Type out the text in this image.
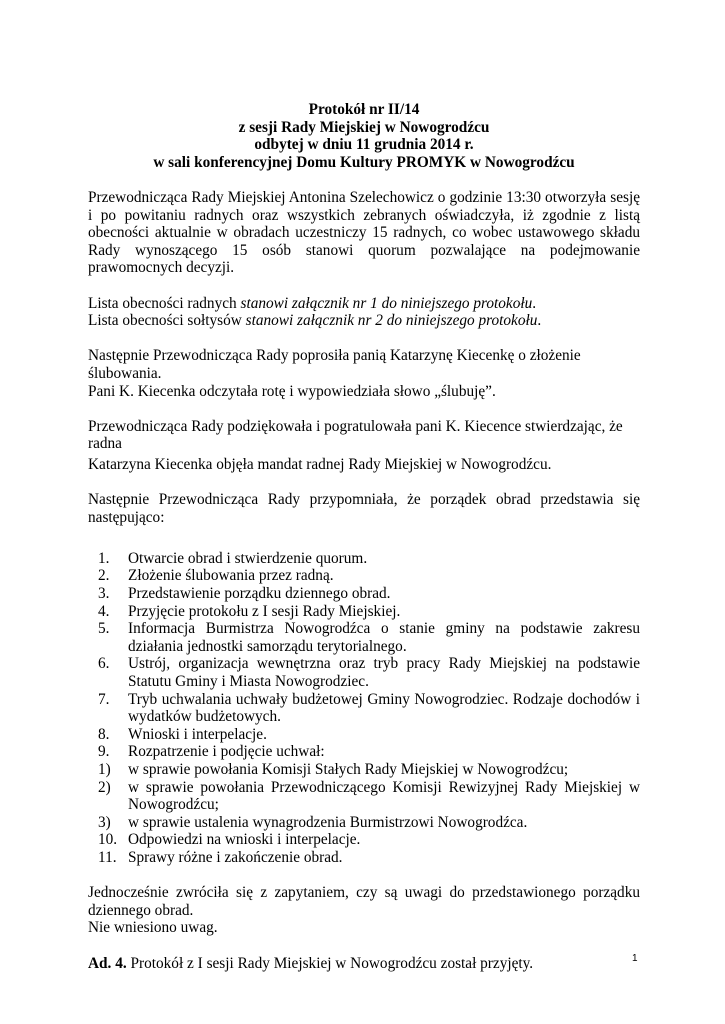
Protokół nr II/14
z sesji Rady Miejskiej w Nowogrodźcu
odbytej w dniu 11 grudnia 2014 r.
w sali konferencyjnej Domu Kultury PROMYK w Nowogrodźcu

Przewodnicząca Rady Miejskiej Antonina Szelechowicz o godzinie 13:30 otworzyła sesję i po powitaniu radnych oraz wszystkich zebranych oświadczyła, iż zgodnie z listą obecności aktualnie w obradach uczestniczy 15 radnych, co wobec ustawowego składu Rady wynoszącego 15 osób stanowi quorum pozwalające na podejmowanie prawomocnych decyzji.

Lista obecności radnych stanowi załącznik nr 1 do niniejszego protokołu.

Lista obecności sołtysów stanowi załącznik nr 2 do niniejszego protokołu.

Następnie Przewodnicząca Rady poprosiła panią Katarzynę Kiecenkę o złożenie ślubowania.

Pani K. Kiecenka odczytała rotę i wypowiedziała słowo „ślubuję”.

Przewodnicząca Rady podziękowała i pogratulowała pani K. Kiecence stwierdzając, że radna

Katarzyna Kiecenka objęła mandat radnej Rady Miejskiej w Nowogrodźcu.

Następnie Przewodnicząca Rady przypomniała, że porządek obrad przedstawia się następująco:

1.	Otwarcie obrad i stwierdzenie quorum.
2.	Złożenie ślubowania przez radną.
3.	Przedstawienie porządku dziennego obrad.
4.	Przyjęcie protokołu z I sesji Rady Miejskiej.
5.	Informacja Burmistrza Nowogrodźca o stanie gminy na podstawie zakresu działania jednostki samorządu terytorialnego.
6.	Ustrój, organizacja wewnętrzna oraz tryb pracy Rady Miejskiej na podstawie Statutu Gminy i Miasta Nowogrodziec.
7.	Tryb uchwalania uchwały budżetowej Gminy Nowogrodziec. Rodzaje dochodów i wydatków budżetowych.
8.	Wnioski i interpelacje.
9.	Rozpatrzenie i podjęcie uchwał:
1)	w sprawie powołania Komisji Stałych Rady Miejskiej w Nowogrodźcu;
2)	w sprawie powołania Przewodniczącego Komisji Rewizyjnej Rady Miejskiej w Nowogrodźcu;
3)	w sprawie ustalenia wynagrodzenia Burmistrzowi Nowogrodźca.
10. Odpowiedzi na wnioski i interpelacje.
11. Sprawy różne i zakończenie obrad.

Jednocześnie zwróciła się z zapytaniem, czy są uwagi do przedstawionego porządku dziennego obrad.

Nie wniesiono uwag.

Ad. 4. Protokół z I sesji Rady Miejskiej w Nowogrodźcu został przyjęty.	1
